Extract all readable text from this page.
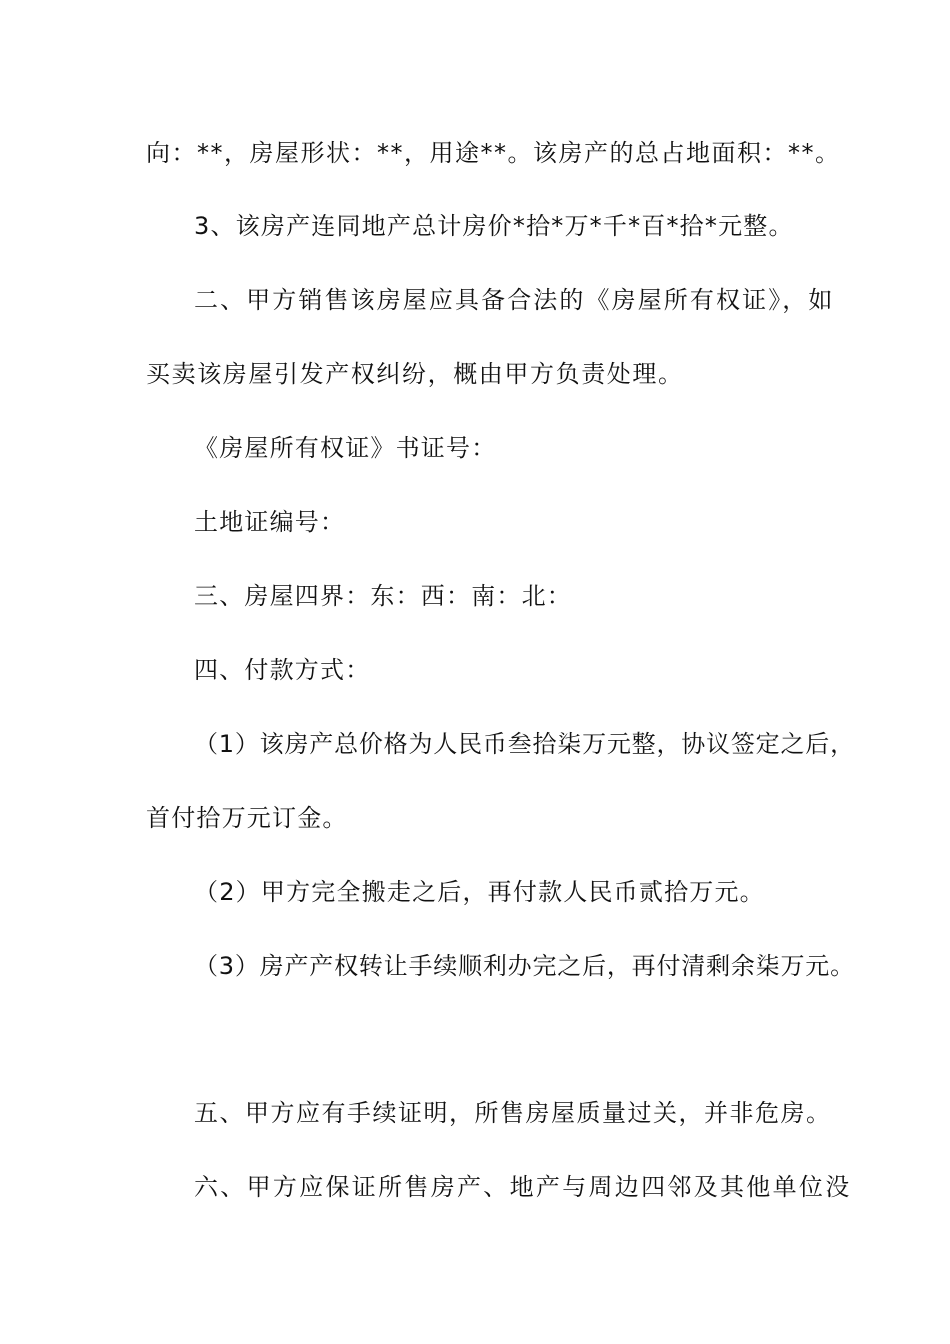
向：**，房屋形状：**，用途**。该房产的总占地面积：**。
3、该房产连同地产总计房价*拾*万*千*百*拾*元整。
二、甲方销售该房屋应具备合法的《房屋所有权证》，如
买卖该房屋引发产权纠纷，概由甲方负责处理。
《房屋所有权证》书证号：
土地证编号：
三、房屋四界：东：西：南：北：
四、付款方式：
（1）该房产总价格为人民币叁拾柒万元整，协议签定之后，
首付拾万元订金。
（2）甲方完全搬走之后，再付款人民币贰拾万元。
（3）房产产权转让手续顺利办完之后，再付清剩余柒万元。
五、甲方应有手续证明，所售房屋质量过关，并非危房。
六、甲方应保证所售房产、地产与周边四邻及其他单位没
